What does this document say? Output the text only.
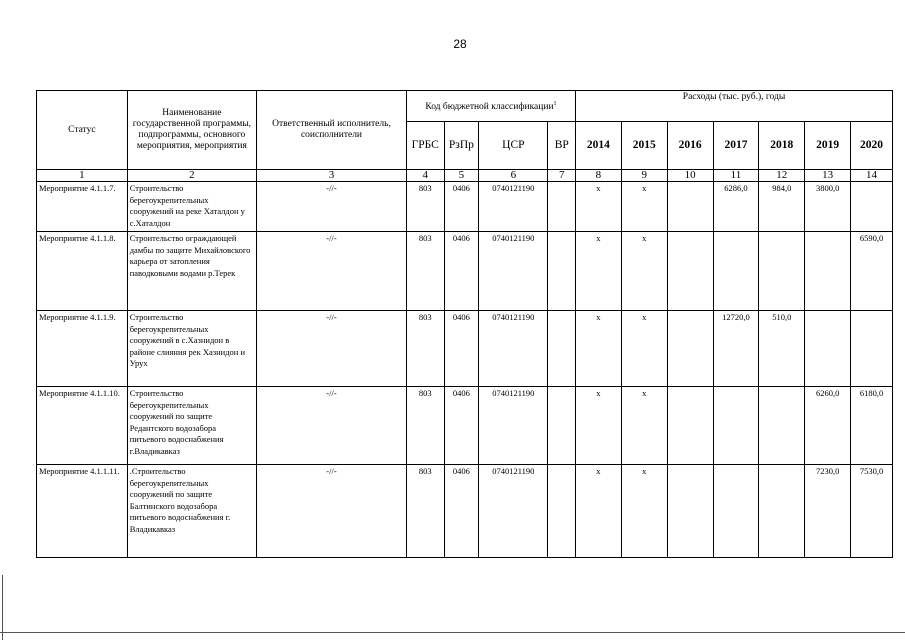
28
Статус	Наименование государственной программы, подпрограммы, основного мероприятия, мероприятия	Ответственный исполнитель, соисполнители	Код бюджетной классификации$^1$				Расходы (тыс. руб.), годы						
			ГРБС	РзПр	ЦСР	ВР	2014	2015	2016	2017	2018	2019	2020
1	2	3	4	5	6	7	8	9	10	11	12	13	14
Мероприятие 4.1.1.7.	Строительство берегоукрепительных сооружений на реке Хаталдон у с.Хаталдон	-//-	803	0406	0740121190		х	х		6286,0	984,0	3800,0	
Мероприятие 4.1.1.8.	Строительство ограждающей дамбы по защите Михайловского карьера от затопления паводковыми водами р.Терек	-//-	803	0406	0740121190		х	х					6590,0
Мероприятие 4.1.1.9.	Строительство берегоукрепительных сооружений в с.Хазнидон в районе слияния рек Хазнидон и Урух	-//-	803	0406	0740121190		х	х		12720,0	510,0		
Мероприятие 4.1.1.10.	Строительство берегоукрепительных сооружений по защите Редантского водозабора питьевого водоснабжения г.Владикавказ	-//-	803	0406	0740121190		х	х				6260,0	6180,0
Мероприятие 4.1.1.11.	.Строительство берегоукрепительных сооружений по защите Балтинского водозабора питьевого водоснабжения г. Владикавказ	-//-	803	0406	0740121190		х	х				7230,0	7530,0
